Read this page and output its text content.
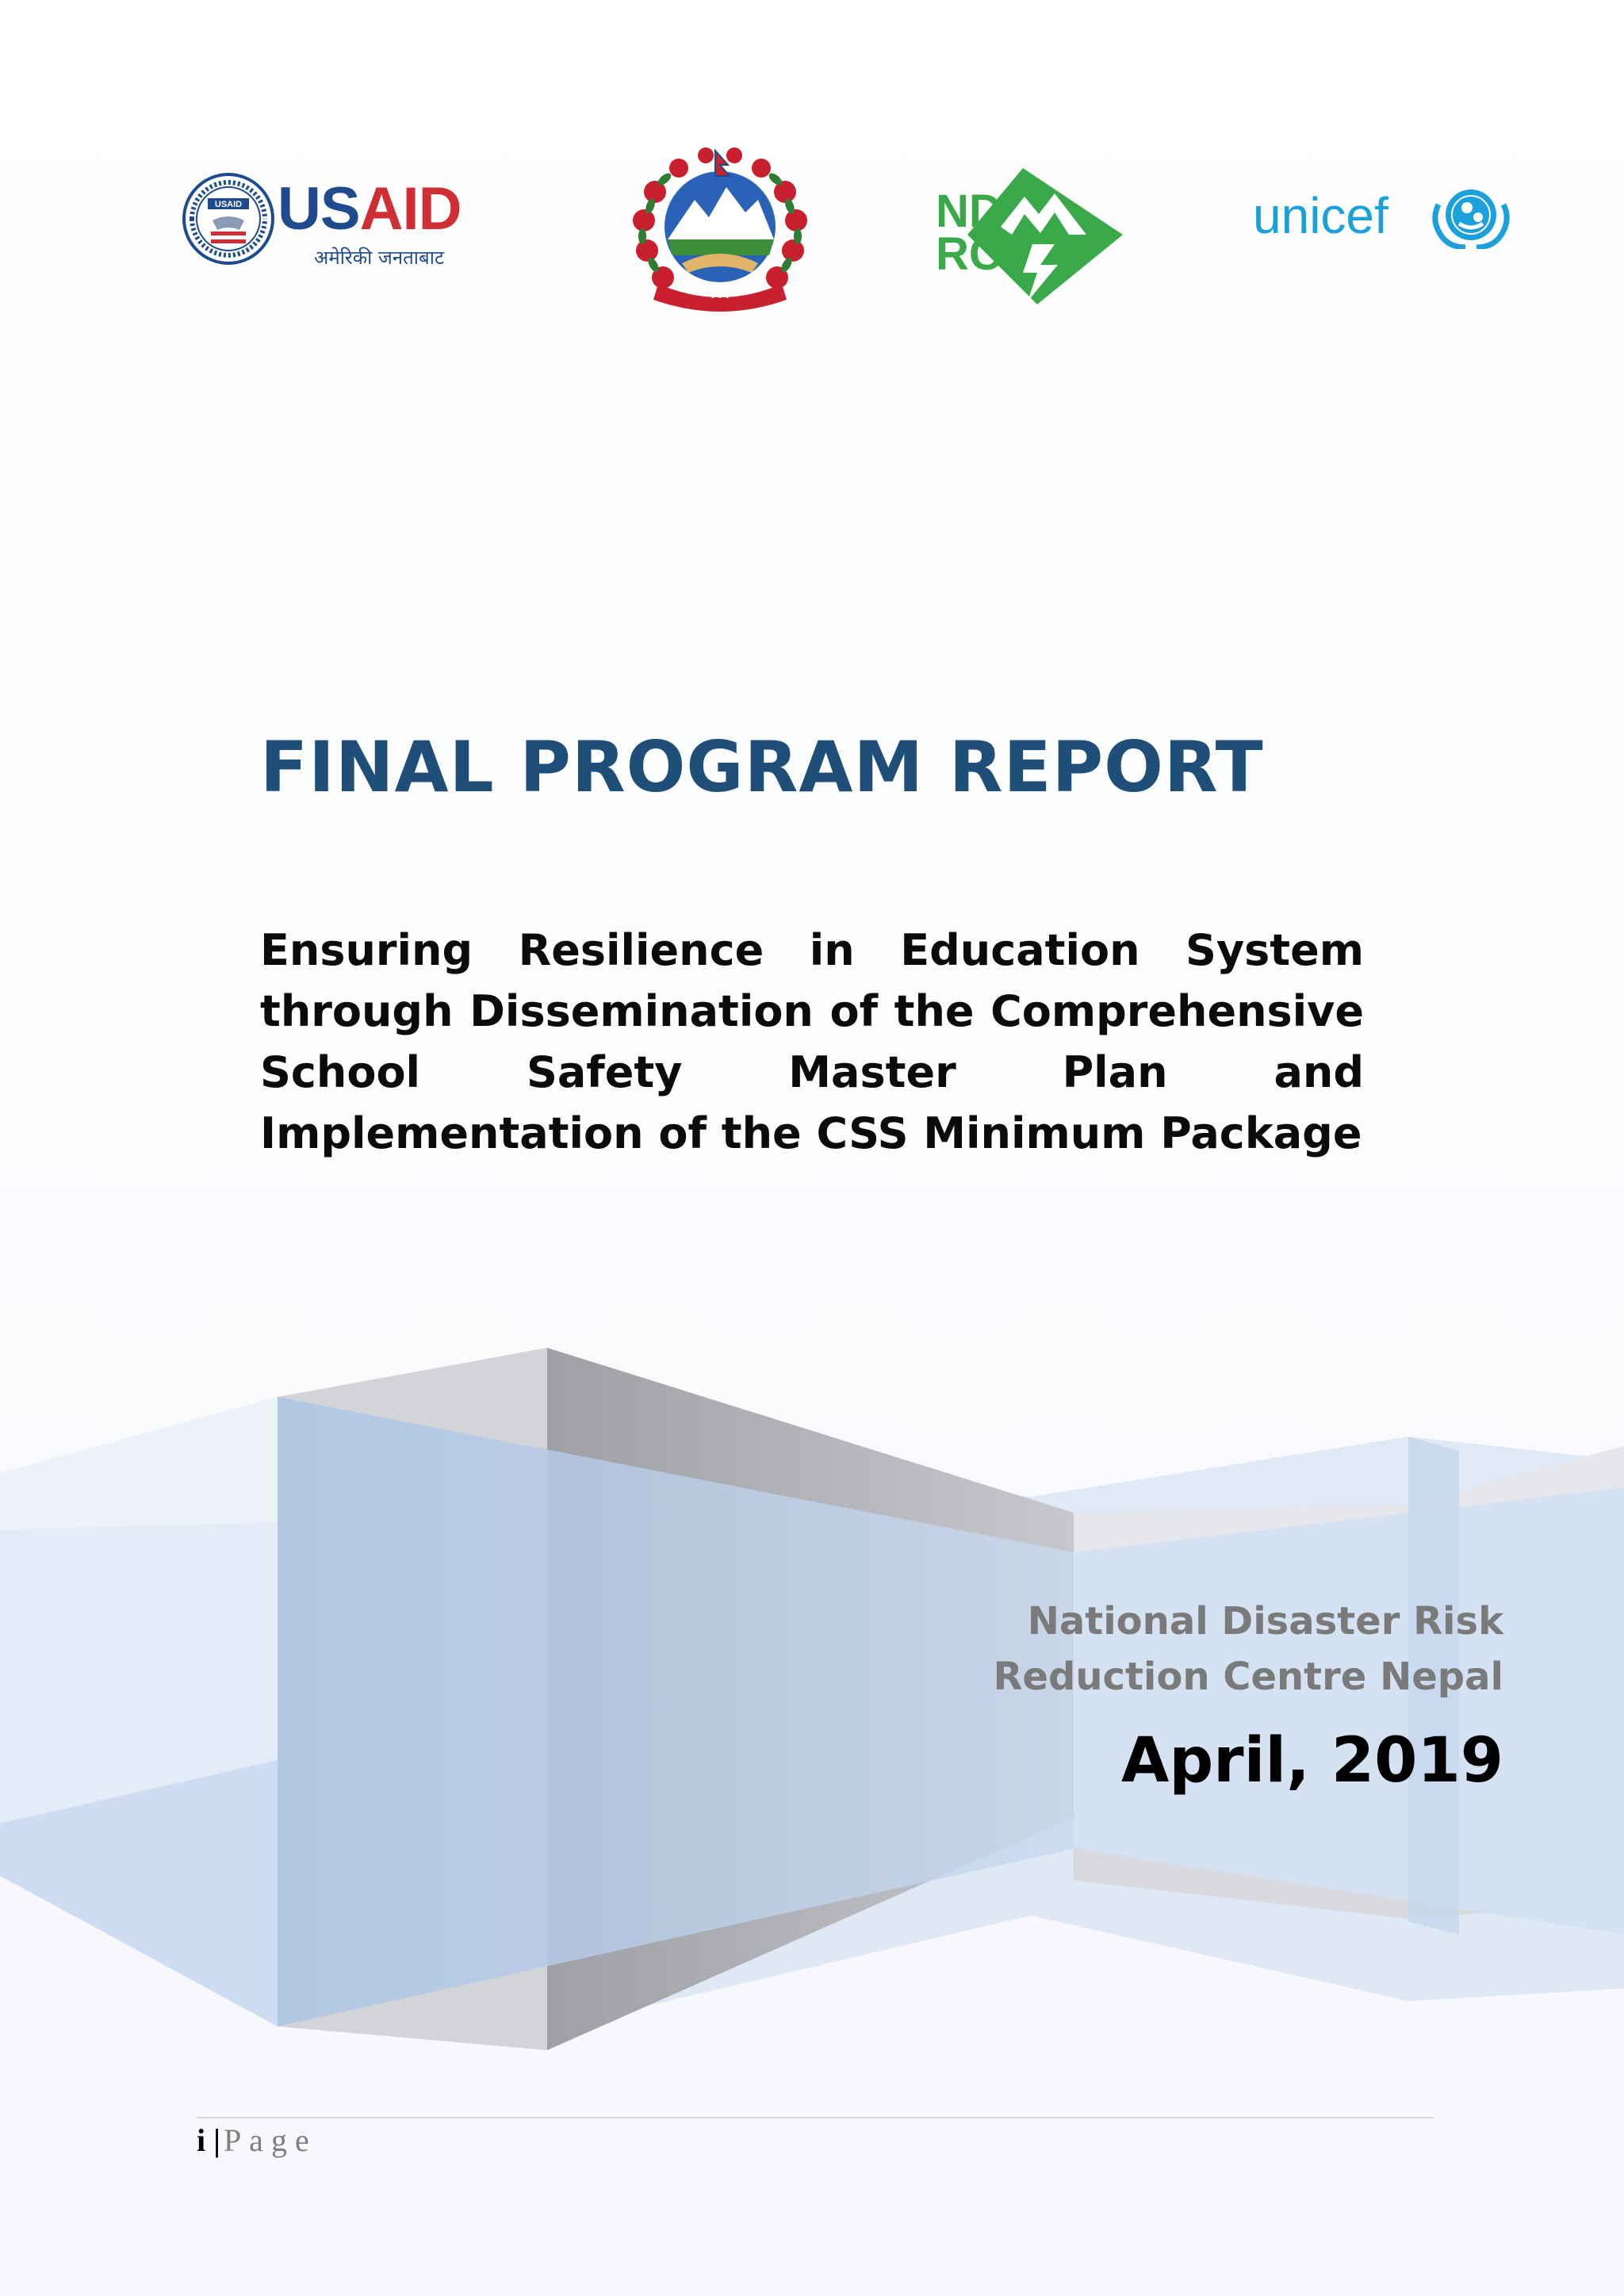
USAID USAID
अमेरिकी जनताबाट
• • •
ND
RC
unicef
FINAL PROGRAM REPORT

Ensuring Resilience in Education System through Dissemination of the Comprehensive School Safety Master Plan and Implementation of the CSS Minimum Package

National Disaster Risk
Reduction Centre Nepal

April, 2019

i | Page
